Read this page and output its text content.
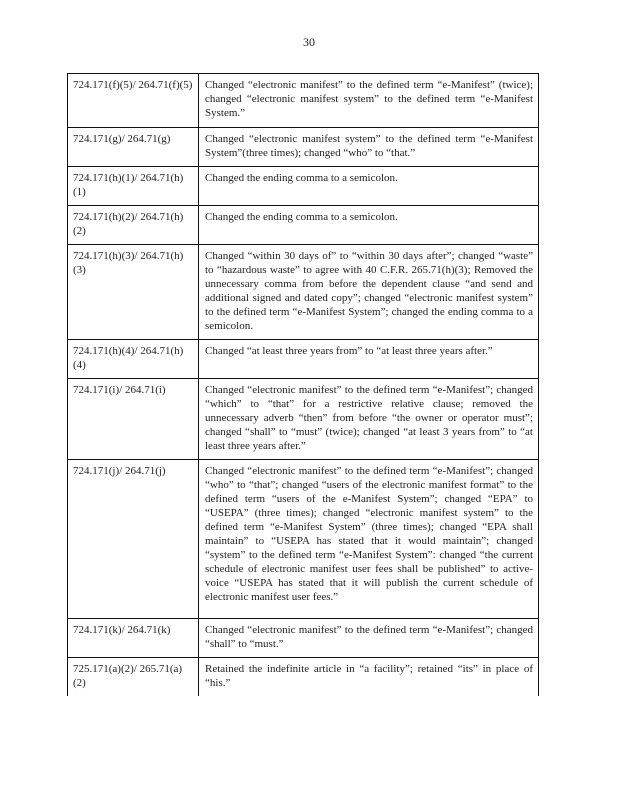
30
724.171(f)(5)/ 264.71(f)(5)	Changed “electronic manifest” to the defined term “e-Manifest” (twice); changed “electronic manifest system” to the defined term “e-Manifest System.”
724.171(g)/ 264.71(g)	Changed “electronic manifest system” to the defined term “e-Manifest System”(three times); changed “who” to “that.”
724.171(h)(1)/ 264.71(h)(1)	Changed the ending comma to a semicolon.
724.171(h)(2)/ 264.71(h)(2)	Changed the ending comma to a semicolon.
724.171(h)(3)/ 264.71(h)(3)	Changed “within 30 days of” to “within 30 days after”; changed “waste” to “hazardous waste” to agree with 40 C.F.R. 265.71(h)(3); Removed the unnecessary comma from before the dependent clause “and send and additional signed and dated copy”; changed “electronic manifest system” to the defined term “e-Manifest System”; changed the ending comma to a semicolon.
724.171(h)(4)/ 264.71(h)(4)	Changed “at least three years from” to “at least three years after.”
724.171(i)/ 264.71(i)	Changed “electronic manifest” to the defined term “e-Manifest”; changed “which” to “that” for a restrictive relative clause; removed the unnecessary adverb “then” from before “the owner or operator must”; changed “shall” to “must” (twice); changed “at least 3 years from” to “at least three years after.”
724.171(j)/ 264.71(j)	Changed “electronic manifest” to the defined term “e-Manifest”; changed “who” to “that”; changed “users of the electronic manifest format” to the defined term “users of the e-Manifest System”; changed “EPA” to “USEPA” (three times); changed “electronic manifest system” to the defined term “e-Manifest System” (three times); changed “EPA shall maintain” to “USEPA has stated that it would maintain”; changed “system” to the defined term “e-Manifest System”: changed “the current schedule of electronic manifest user fees shall be published” to active-voice “USEPA has stated that it will publish the current schedule of electronic manifest user fees.”
724.171(k)/ 264.71(k)	Changed “electronic manifest” to the defined term “e-Manifest”; changed “shall” to “must.”
725.171(a)(2)/ 265.71(a)(2)	Retained the indefinite article in “a facility”; retained “its” in place of “his.”
